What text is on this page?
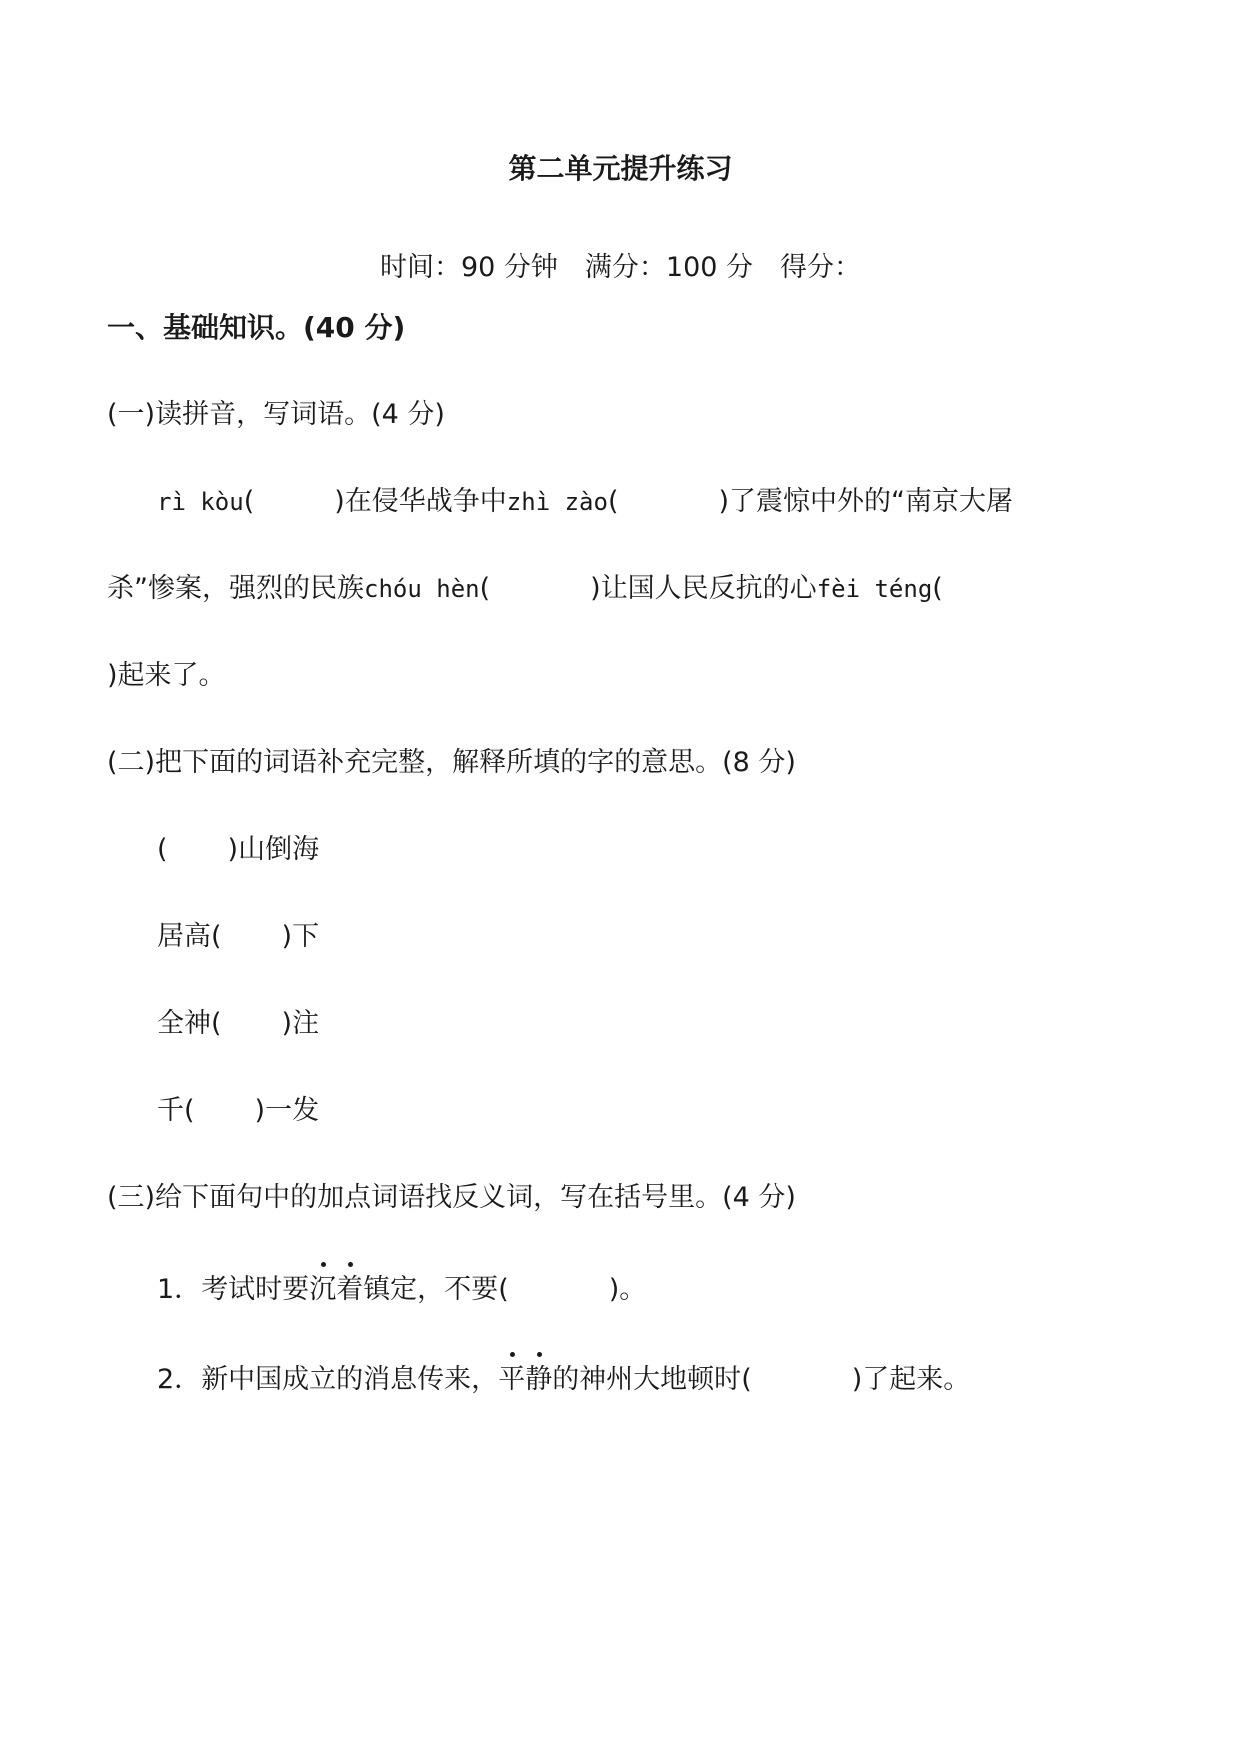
第二单元提升练习
时间：90 分钟　满分：100 分　得分：
一、基础知识。(40 分)
(一)读拼音，写词语。(4 分)
rì kòu(	)在侵华战争中zhì zào(	)了震惊中外的“南京大屠
杀”惨案，强烈的民族chóu hèn(	)让国人民反抗的心fèi téng(
)起来了。
(二)把下面的词语补充完整，解释所填的字的意思。(8 分)
( )山倒海
居高( )下
全神( )注
千( )一发
(三)给下面句中的加点词语找反义词，写在括号里。(4 分)
1．考试时要沉着镇定，不要(	)。
2．新中国成立的消息传来，平静的神州大地顿时(	)了起来。
